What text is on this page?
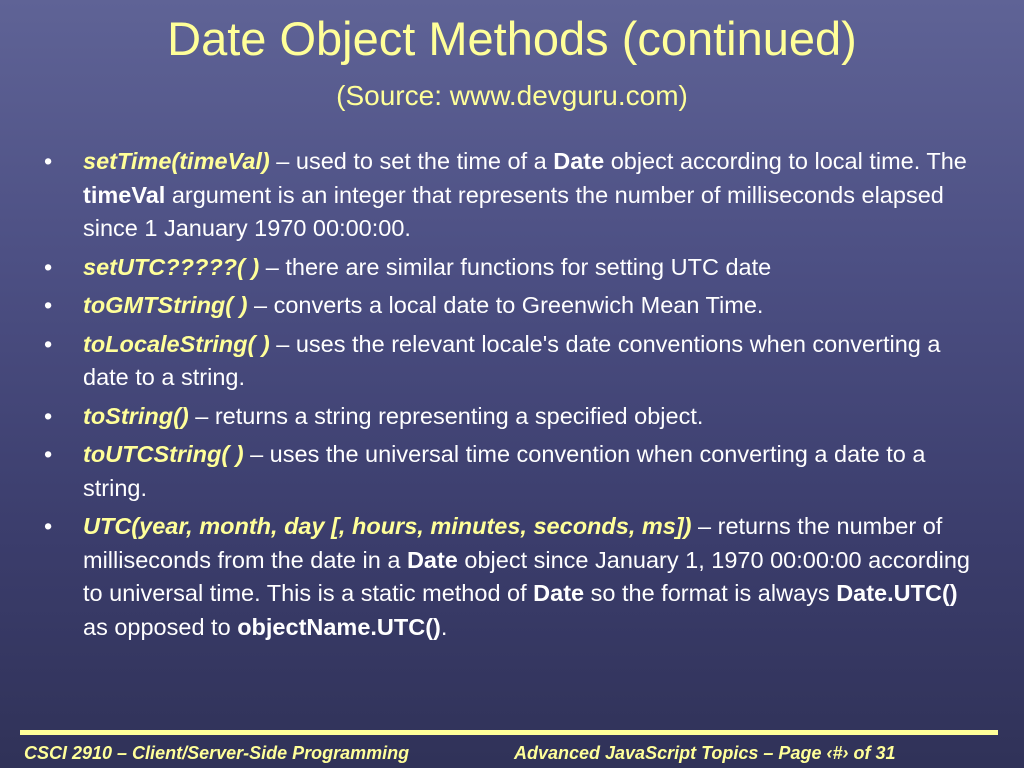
Date Object Methods (continued)
(Source: www.devguru.com)
• setTime(timeVal) – used to set the time of a Date object according to local time. The timeVal argument is an integer that represents the number of milliseconds elapsed since 1 January 1970 00:00:00.
• setUTC?????( ) – there are similar functions for setting UTC date
• toGMTString( ) – converts a local date to Greenwich Mean Time.
• toLocaleString( ) – uses the relevant locale's date conventions when converting a date to a string.
• toString() – returns a string representing a specified object.
• toUTCString( ) – uses the universal time convention when converting a date to a string.
• UTC(year, month, day [, hours, minutes, seconds, ms]) – returns the number of milliseconds from the date in a Date object since January 1, 1970 00:00:00 according to universal time. This is a static method of Date so the format is always Date.UTC() as opposed to objectName.UTC().
CSCI 2910 – Client/Server-Side Programming	Advanced JavaScript Topics – Page ‹#› of 31
